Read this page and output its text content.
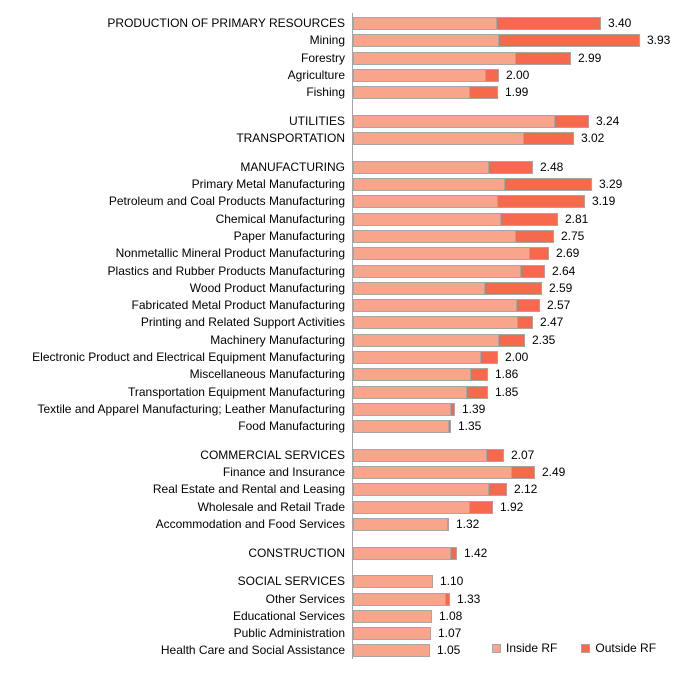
PRODUCTION OF PRIMARY RESOURCES	3.40
Mining	3.93
Forestry	2.99
Agriculture	2.00
Fishing	1.99
UTILITIES	3.24
TRANSPORTATION	3.02
MANUFACTURING	2.48
Primary Metal Manufacturing	3.29
Petroleum and Coal Products Manufacturing	3.19
Chemical Manufacturing	2.81
Paper Manufacturing	2.75
Nonmetallic Mineral Product Manufacturing	2.69
Plastics and Rubber Products Manufacturing	2.64
Wood Product Manufacturing	2.59
Fabricated Metal Product Manufacturing	2.57
Printing and Related Support Activities	2.47
Machinery Manufacturing	2.35
Electronic Product and Electrical Equipment Manufacturing	2.00
Miscellaneous Manufacturing	1.86
Transportation Equipment Manufacturing	1.85
Textile and Apparel Manufacturing; Leather Manufacturing	1.39
Food Manufacturing	1.35
COMMERCIAL SERVICES	2.07
Finance and Insurance	2.49
Real Estate and Rental and Leasing	2.12
Wholesale and Retail Trade	1.92
Accommodation and Food Services	1.32
CONSTRUCTION	1.42
SOCIAL SERVICES	1.10
Other Services	1.33
Educational Services	1.08
Public Administration	1.07
Health Care and Social Assistance	1.05	Inside RF	Outside RF
